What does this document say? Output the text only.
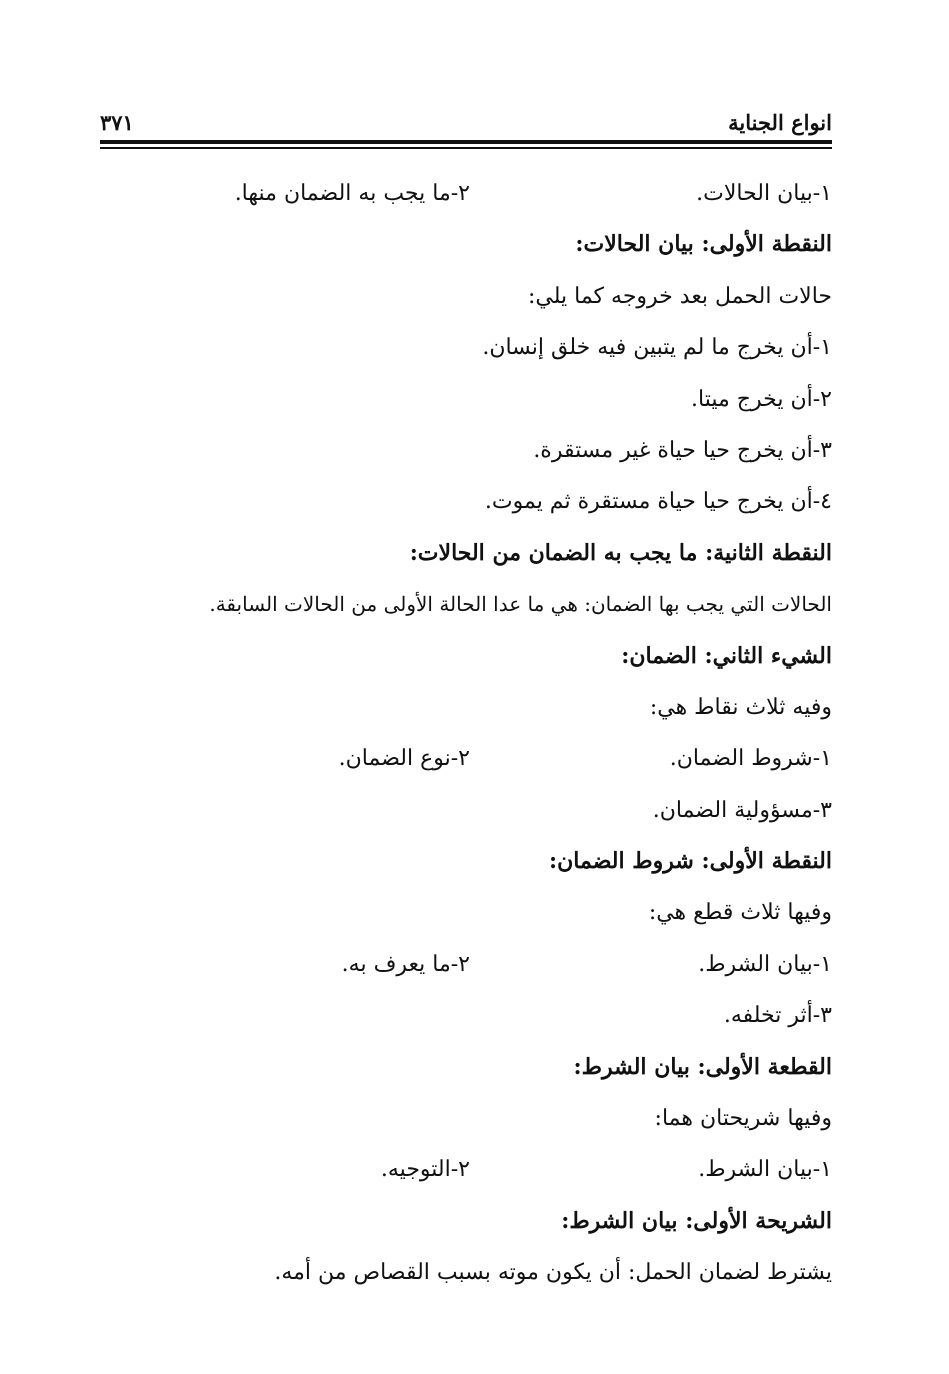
انواع الجناية
٣٧١
١-بيان الحالات.
٢-ما يجب به الضمان منها.
النقطة الأولى: بيان الحالات:
حالات الحمل بعد خروجه كما يلي:
١-أن يخرج ما لم يتبين فيه خلق إنسان.
٢-أن يخرج ميتا.
٣-أن يخرج حيا حياة غير مستقرة.
٤-أن يخرج حيا حياة مستقرة ثم يموت.
النقطة الثانية: ما يجب به الضمان من الحالات:
الحالات التي يجب بها الضمان: هي ما عدا الحالة الأولى من الحالات السابقة.
الشيء الثاني: الضمان:
وفيه ثلاث نقاط هي:
١-شروط الضمان.
٢-نوع الضمان.
٣-مسؤولية الضمان.
النقطة الأولى: شروط الضمان:
وفيها ثلاث قطع هي:
١-بيان الشرط.
٢-ما يعرف به.
٣-أثر تخلفه.
القطعة الأولى: بيان الشرط:
وفيها شريحتان هما:
١-بيان الشرط.
٢-التوجيه.
الشريحة الأولى: بيان الشرط:
يشترط لضمان الحمل: أن يكون موته بسبب القصاص من أمه.
